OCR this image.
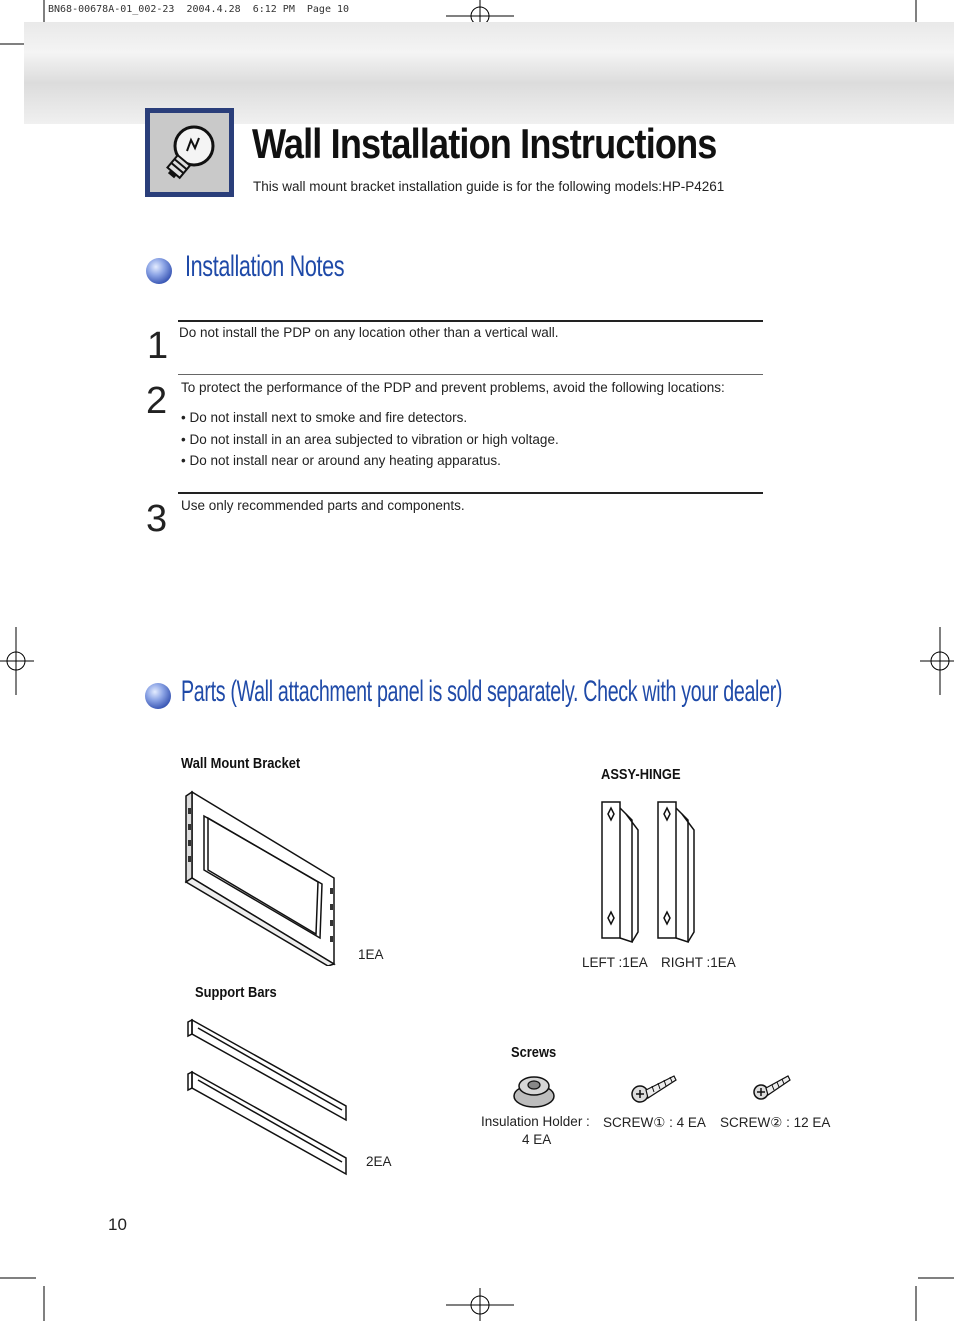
BN68-00678A-01_002-23  2004.4.28  6:12 PM  Page 10
Wall Installation Instructions
This wall mount bracket installation guide is for the following models:HP-P4261
Installation Notes
1 Do not install the PDP on any location other than a vertical wall.
2 To protect the performance of the PDP and prevent problems, avoid the following locations:
• Do not install next to smoke and fire detectors.
• Do not install in an area subjected to vibration or high voltage.
• Do not install near or around any heating apparatus.
3 Use only recommended parts and components.
Parts (Wall attachment panel is sold separately. Check with your dealer)
Wall Mount Bracket
1EA
ASSY-HINGE
LEFT :1EA RIGHT :1EA
Support Bars
2EA
Screws
Insulation Holder :
4 EA
SCREW① : 4 EA SCREW② : 12 EA
10
